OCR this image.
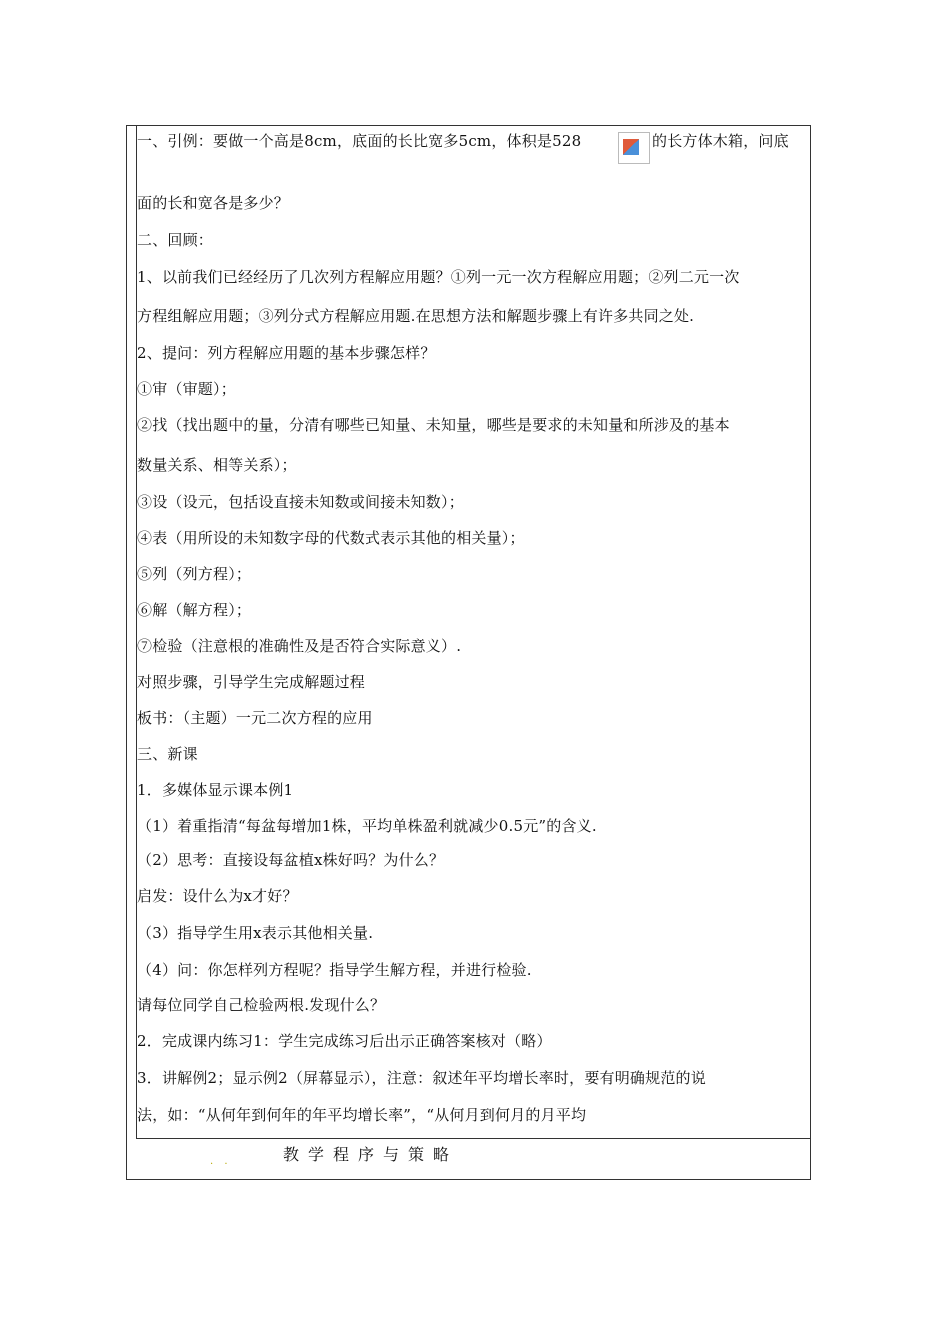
一、引例：要做一个高是8cm，底面的长比宽多5cm，体积是528	的长方体木箱，问底
面的长和宽各是多少？
二、回顾：
1、以前我们已经经历了几次列方程解应用题？①列一元一次方程解应用题；②列二元一次
方程组解应用题；③列分式方程解应用题.在思想方法和解题步骤上有许多共同之处.
2、提问：列方程解应用题的基本步骤怎样？
①审（审题）；
②找（找出题中的量，分清有哪些已知量、未知量，哪些是要求的未知量和所涉及的基本
数量关系、相等关系）；
③设（设元，包括设直接未知数或间接未知数）；
④表（用所设的未知数字母的代数式表示其他的相关量）；
⑤列（列方程）；
⑥解（解方程）；
⑦检验（注意根的准确性及是否符合实际意义）.
对照步骤，引导学生完成解题过程
板书：（主题）一元二次方程的应用
三、新课
1．多媒体显示课本例1
（1）着重指清“每盆每增加1株，平均单株盈利就减少0.5元”的含义.
（2）思考：直接设每盆植x株好吗？为什么？
启发：设什么为x才好？
（3）指导学生用x表示其他相关量.
（4）问：你怎样列方程呢？指导学生解方程，并进行检验.
请每位同学自己检验两根.发现什么？
2．完成课内练习1：学生完成练习后出示正确答案核对（略）
3．讲解例2；显示例2（屏幕显示），注意：叙述年平均增长率时，要有明确规范的说
法，如：“从何年到何年的年平均增长率”，“从何月到何月的月平均
. .	教学程序与策略
